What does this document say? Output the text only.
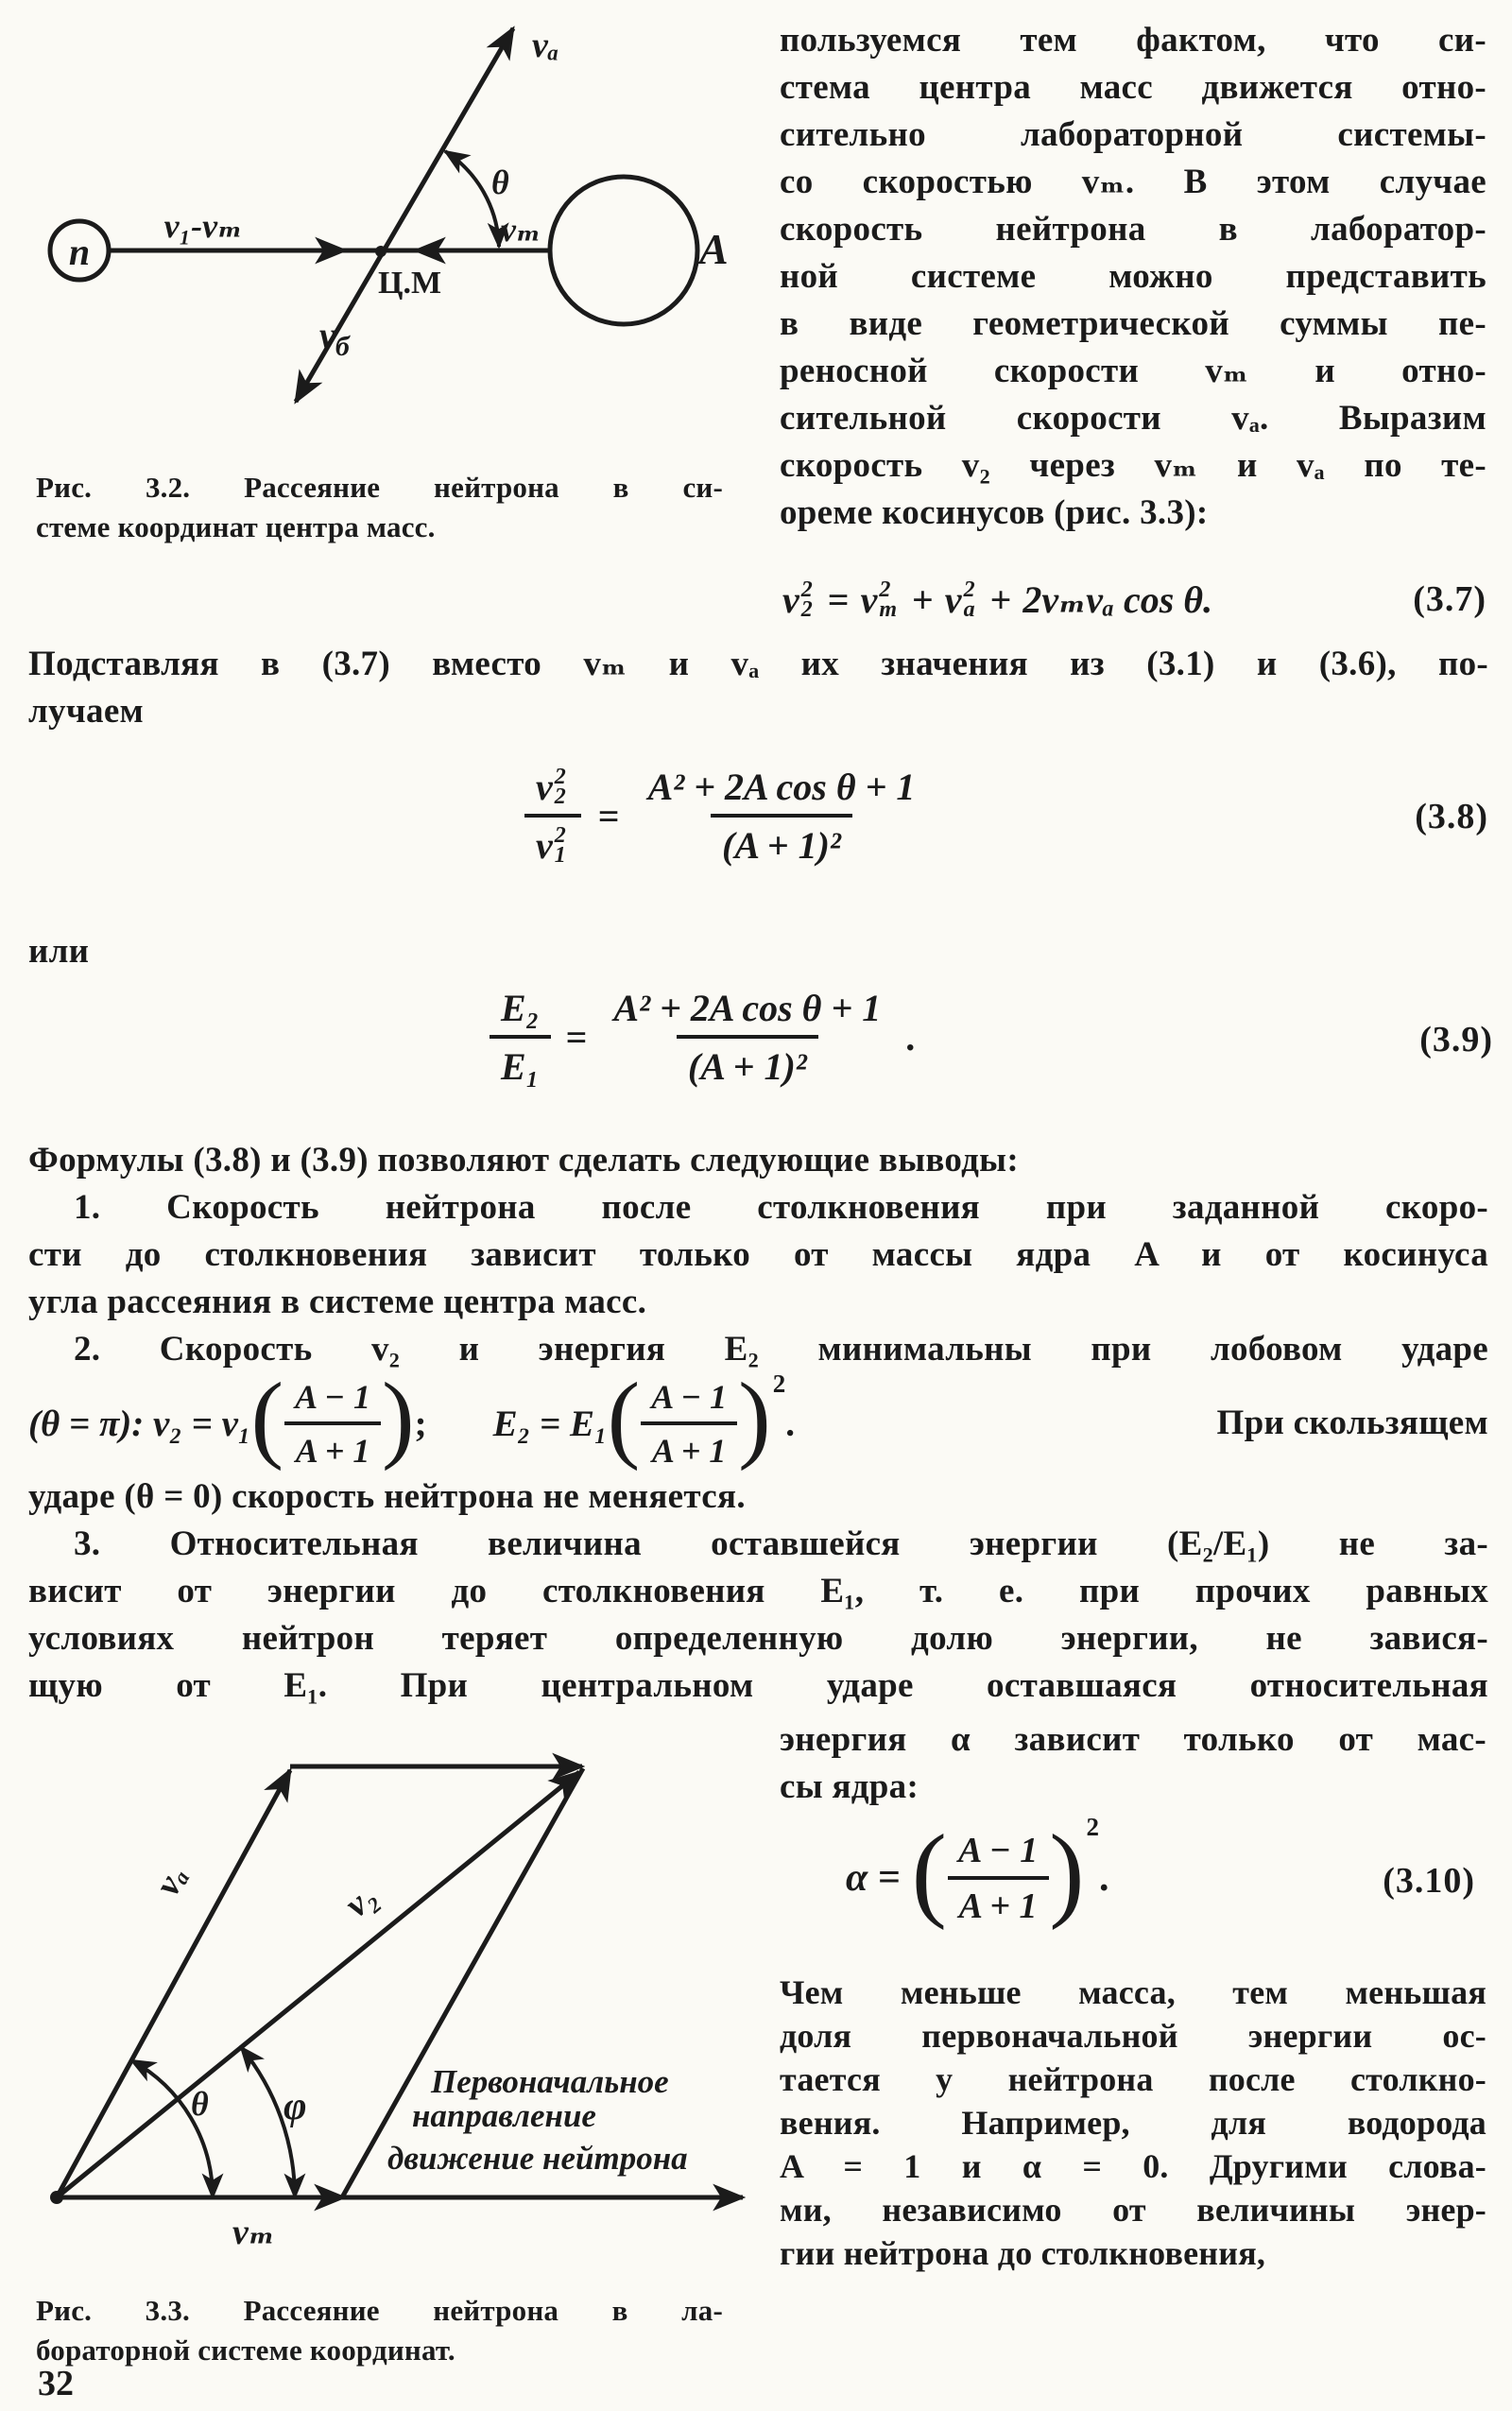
n
v₁-vₘ
Ц.М
vₘ	A
vₐ
$v_б$
θ
Рис. 3.2. Рассеяние нейтрона в си-
стеме координат центра масс.
пользуемся тем фактом, что си-
стема центра масс движется отно-
сительно лабораторной системы-
со скоростью vₘ. В этом случае
скорость нейтрона в лаборатор-
ной системе можно представить
в виде геометрической суммы пе-
реносной скорости vₘ и отно-
сительной скорости vₐ. Выразим
скорость v₂ через vₘ и vₐ по те-
ореме косинусов (рис. 3.3):
v 2
2 = v 2
m + v 2
a + 2vₘvₐ cos θ.	(3.7)
Подставляя в (3.7) вместо vₘ и vₐ их значения из (3.1) и (3.6), по-
лучаем
v 2
2
v 2
$1 = \frac{\text{A² + 2A cos θ + 1}}{\text{(A + 1)²}}$	(3.8)
или
$\frac{\text{E₂}}{\text{E₁}} = \frac{\text{A² + 2A cos θ + 1}}{\text{(A + 1)²}}$ .	(3.9)
Формулы (3.8) и (3.9) позволяют сделать следующие выводы:
1. Скорость нейтрона после столкновения при заданной скоро-
сти до столкновения зависит только от массы ядра A и от косинуса
угла рассеяния в системе центра масс.
2. Скорость v₂ и энергия E₂ минимальны при лобовом ударе
(θ = π): v₂ = v₁ ( $\frac{A - 1}{A + 1}$ ) ; E₂ = E₁ ( $\frac{A - 1}{A + 1}$ ) 2
.	При скользящем
ударе (θ = 0) скорость нейтрона не меняется.
3. Относительная величина оставшейся энергии (E₂/E₁) не за-
висит от энергии до столкновения E₁, т. е. при прочих равных
условиях нейтрон теряет определенную долю энергии, не завися-
щую от E₁. При центральном ударе оставшаяся относительная
энергия α зависит только от мас-
сы ядра:
α = ( $\frac{A - 1}{A + 1}$ ) 2
.	(3.10)
Чем меньше масса, тем меньшая
доля первоначальной энергии ос-
тается у нейтрона после столкно-
вения. Например, для водорода
A = 1 и α = 0. Другими слова-
ми, независимо от величины энер-
гии нейтрона до столкновения,
vₐ	v₂
vₘ
θ φ
Первоначальное
направление
движение нейтрона
Рис. 3.3. Рассеяние нейтрона в ла-
бораторной системе координат.
32
